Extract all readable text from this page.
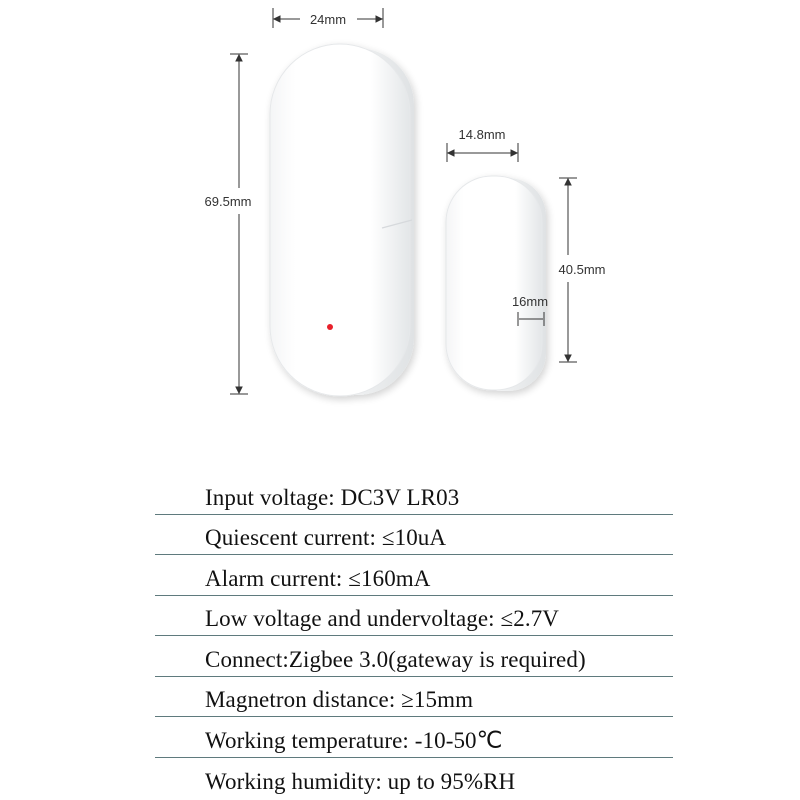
24mm
69.5mm
14.8mm
40.5mm
16mm
Input voltage: DC3V LR03
Quiescent current: ≤10uA
Alarm current: ≤160mA
Low voltage and undervoltage: ≤2.7V
Connect:Zigbee 3.0(gateway is required)
Magnetron distance: ≥15mm
Working temperature: -10-50℃
Working humidity: up to 95%RH
